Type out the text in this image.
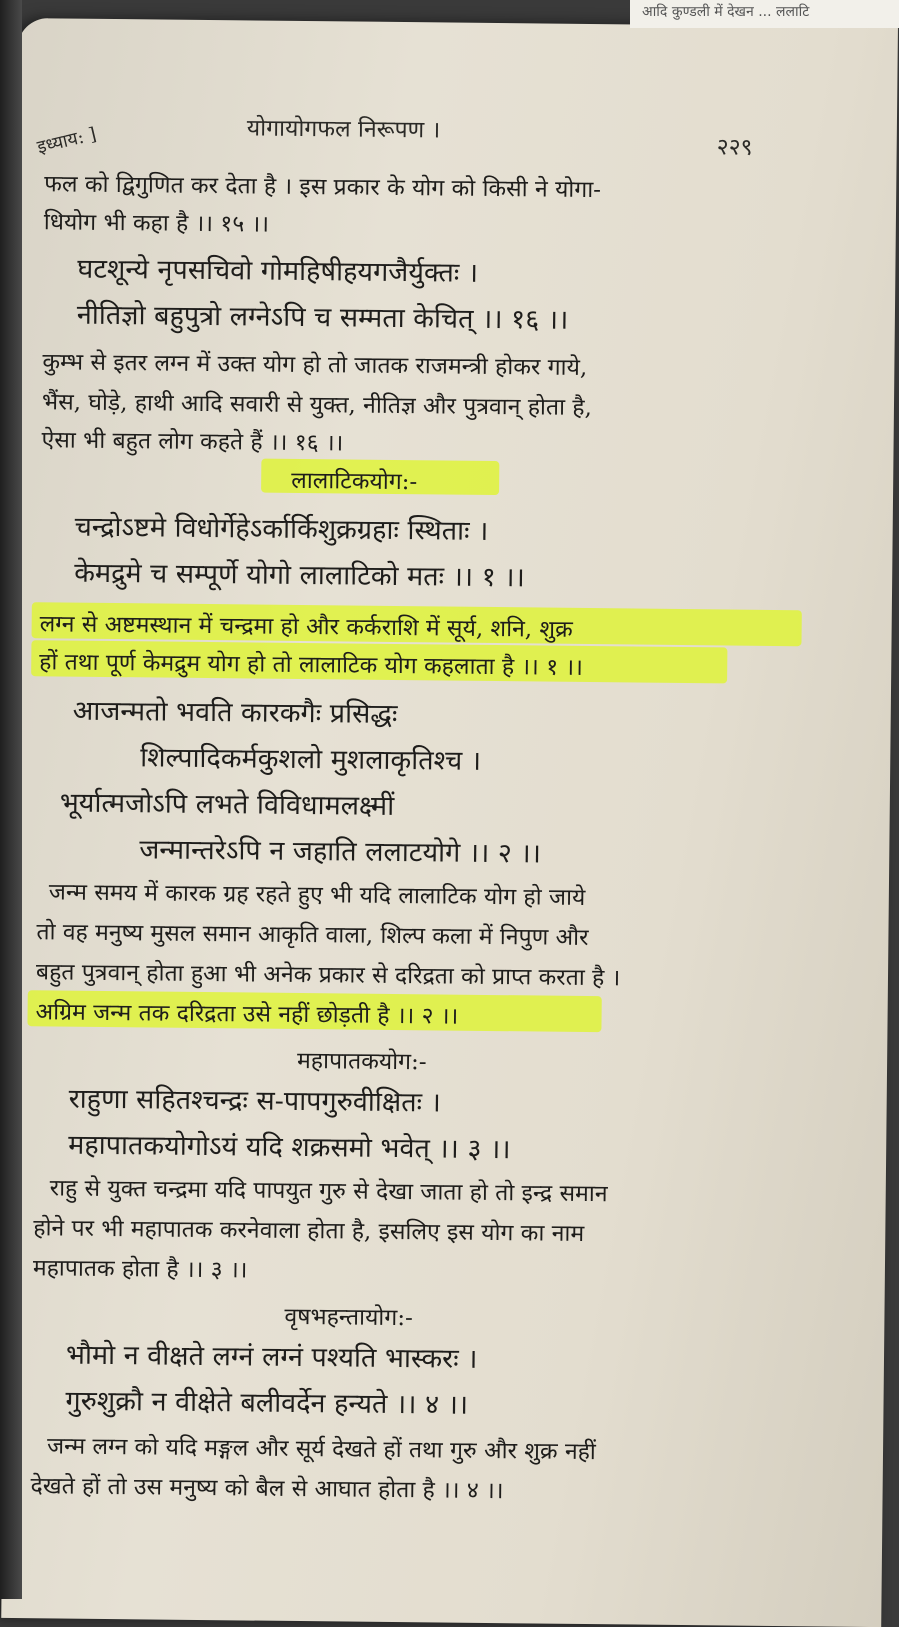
इध्याय: ]	योगायोगफल निरूपण ।
२२९
फल को द्विगुणित कर देता है । इस प्रकार के योग को किसी ने योगा-
धियोग भी कहा है ।। १५ ।।
घटशून्ये नृपसचिवो गोमहिषीहयगजैर्युक्तः ।
नीतिज्ञो बहुपुत्रो लग्नेऽपि च सम्मता केचित् ।। १६ ।।
कुम्भ से इतर लग्न में उक्त योग हो तो जातक राजमन्त्री होकर गाये,
भैंस, घोड़े, हाथी आदि सवारी से युक्त, नीतिज्ञ और पुत्रवान् होता है,
ऐसा भी बहुत लोग कहते हैं ।। १६ ।।
लालाटिकयोग:-
चन्द्रोऽष्टमे विधोर्गेहेऽर्कार्किशुक्रग्रहाः स्थिताः ।
केमद्रुमे च सम्पूर्णे योगो लालाटिको मतः ।। १ ।।
लग्न से अष्टमस्थान में चन्द्रमा हो और कर्कराशि में सूर्य, शनि, शुक्र
हों तथा पूर्ण केमद्रुम योग हो तो लालाटिक योग कहलाता है ।। १ ।।
आजन्मतो भवति कारकगैः प्रसिद्धः
शिल्पादिकर्मकुशलो मुशलाकृतिश्च ।
भूर्यात्मजोऽपि लभते विविधामलक्ष्मीं
जन्मान्तरेऽपि न जहाति ललाटयोगे ।। २ ।।
जन्म समय में कारक ग्रह रहते हुए भी यदि लालाटिक योग हो जाये
तो वह मनुष्य मुसल समान आकृति वाला, शिल्प कला में निपुण और
बहुत पुत्रवान् होता हुआ भी अनेक प्रकार से दरिद्रता को प्राप्त करता है ।
अग्रिम जन्म तक दरिद्रता उसे नहीं छोड़ती है ।। २ ।।
महापातकयोग:-
राहुणा सहितश्चन्द्रः स-पापगुरुवीक्षितः ।
महापातकयोगोऽयं यदि शक्रसमो भवेत् ।। ३ ।।
राहु से युक्त चन्द्रमा यदि पापयुत गुरु से देखा जाता हो तो इन्द्र समान
होने पर भी महापातक करनेवाला होता है, इसलिए इस योग का नाम
महापातक होता है ।। ३ ।।
वृषभहन्तायोग:-
भौमो न वीक्षते लग्नं लग्नं पश्यति भास्करः ।
गुरुशुक्रौ न वीक्षेते बलीवर्देन हन्यते ।। ४ ।।
जन्म लग्न को यदि मङ्गल और सूर्य देखते हों तथा गुरु और शुक्र नहीं
देखते हों तो उस मनुष्य को बैल से आघात होता है ।। ४ ।।
आदि कुण्डली में देखन ... ललाटि
